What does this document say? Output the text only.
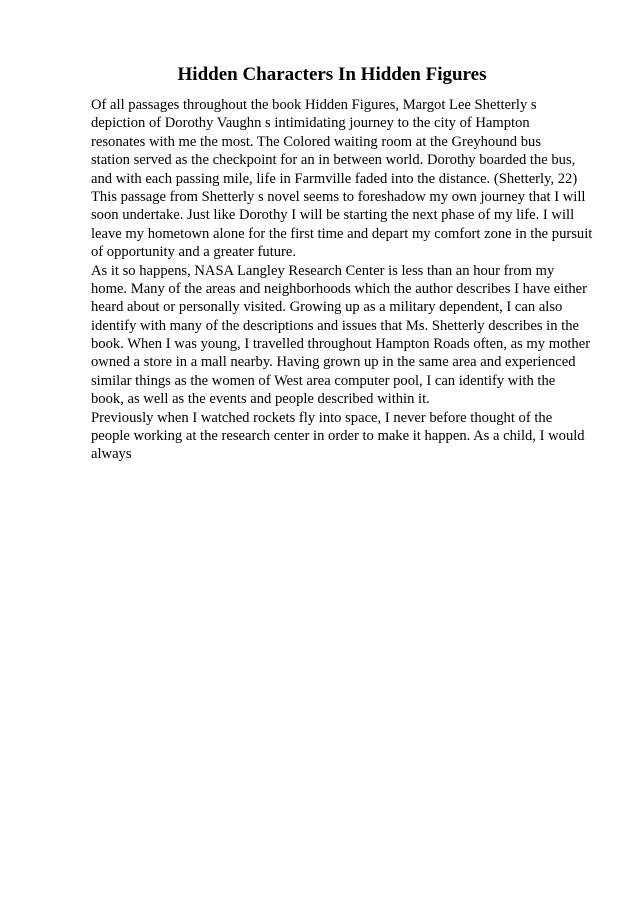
Hidden Characters In Hidden Figures
Of all passages throughout the book Hidden Figures, Margot Lee Shetterly s
depiction of Dorothy Vaughn s intimidating journey to the city of Hampton
resonates with me the most. The Colored waiting room at the Greyhound bus
station served as the checkpoint for an in between world. Dorothy boarded the bus,
and with each passing mile, life in Farmville faded into the distance. (Shetterly, 22)
This passage from Shetterly s novel seems to foreshadow my own journey that I will
soon undertake. Just like Dorothy I will be starting the next phase of my life. I will
leave my hometown alone for the first time and depart my comfort zone in the pursuit
of opportunity and a greater future.
As it so happens, NASA Langley Research Center is less than an hour from my
home. Many of the areas and neighborhoods which the author describes I have either
heard about or personally visited. Growing up as a military dependent, I can also
identify with many of the descriptions and issues that Ms. Shetterly describes in the
book. When I was young, I travelled throughout Hampton Roads often, as my mother
owned a store in a mall nearby. Having grown up in the same area and experienced
similar things as the women of West area computer pool, I can identify with the
book, as well as the events and people described within it.
Previously when I watched rockets fly into space, I never before thought of the
people working at the research center in order to make it happen. As a child, I would
always
